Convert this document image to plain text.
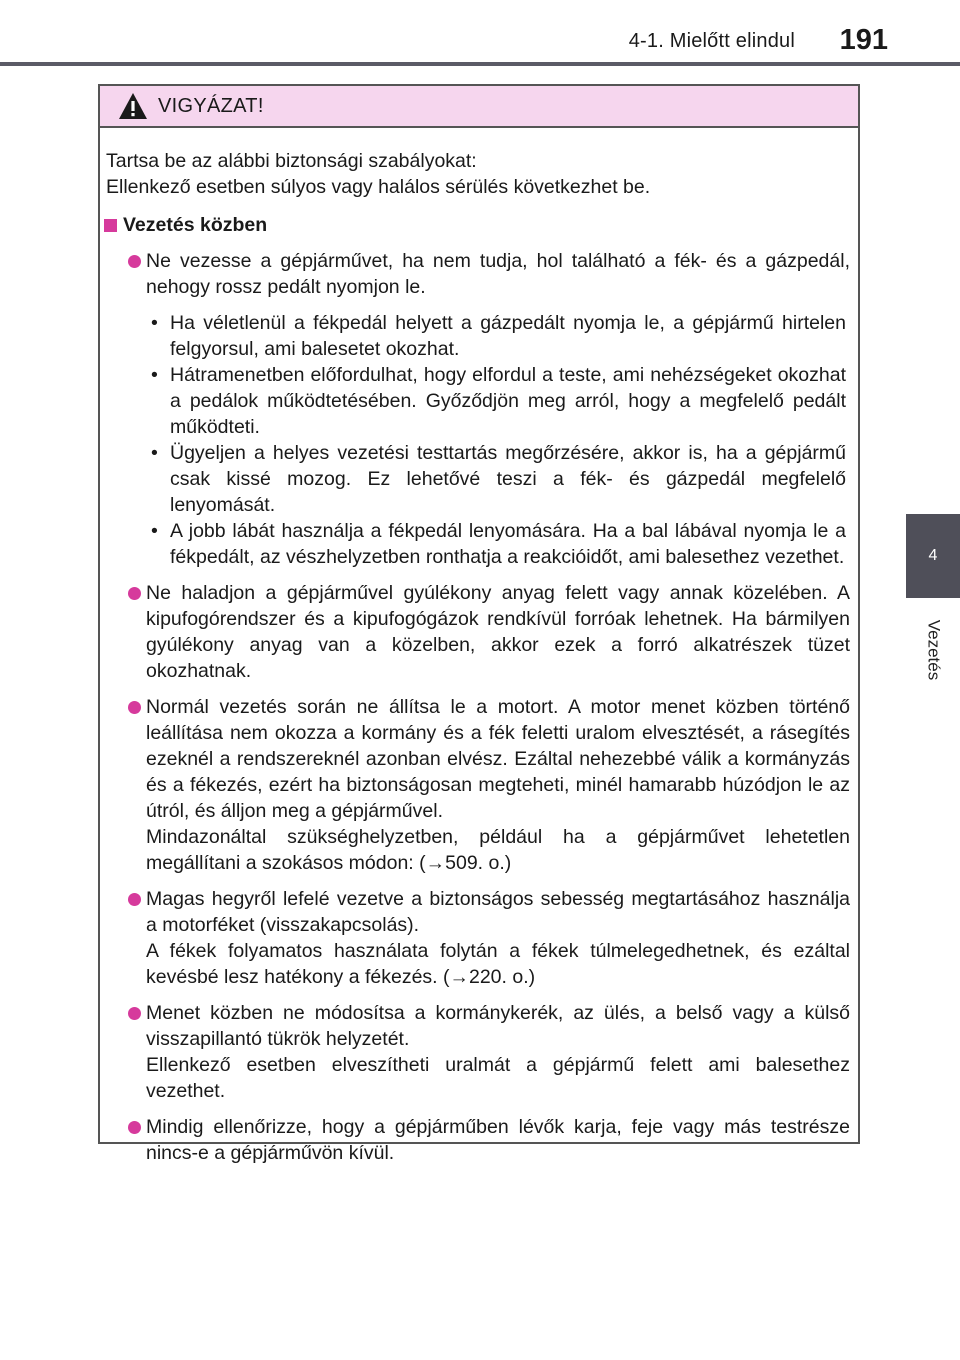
4-1. Mielőtt elindul 191
4
Vezetés
VIGYÁZAT!

Tartsa be az alábbi biztonsági szabályokat:

Ellenkező esetben súlyos vagy halálos sérülés következhet be.

Vezetés közben

Ne vezesse a gépjárművet, ha nem tudja, hol található a fék- és a gázpedál, nehogy rossz pedált nyomjon le.

• Ha véletlenül a fékpedál helyett a gázpedált nyomja le, a gépjármű hirtelen felgyorsul, ami balesetet okozhat.
• Hátramenetben előfordulhat, hogy elfordul a teste, ami nehézségeket okozhat a pedálok működtetésében. Győződjön meg arról, hogy a megfelelő pedált működteti.
• Ügyeljen a helyes vezetési testtartás megőrzésére, akkor is, ha a gépjármű csak kissé mozog. Ez lehetővé teszi a fék- és gázpedál megfelelő lenyomását.
• A jobb lábát használja a fékpedál lenyomására. Ha a bal lábával nyomja le a fékpedált, az vészhelyzetben ronthatja a reakcióidőt, ami balesethez vezethet.

Ne haladjon a gépjárművel gyúlékony anyag felett vagy annak közelében. A kipufogórendszer és a kipufogógázok rendkívül forróak lehetnek. Ha bármilyen gyúlékony anyag van a közelben, akkor ezek a forró alkatrészek tüzet okozhatnak.

Normál vezetés során ne állítsa le a motort. A motor menet közben történő leállítása nem okozza a kormány és a fék feletti uralom elvesztését, a rásegítés ezeknél a rendszereknél azonban elvész. Ezáltal nehezebbé válik a kormányzás és a fékezés, ezért ha biztonságosan megteheti, minél hamarabb húzódjon le az útról, és álljon meg a gépjárművel.

Mindazonáltal szükséghelyzetben, például ha a gépjárművet lehetetlen megállítani a szokásos módon: (→509. o.)

Magas hegyről lefelé vezetve a biztonságos sebesség megtartásához használja a motorféket (visszakapcsolás).

A fékek folyamatos használata folytán a fékek túlmelegedhetnek, és ezáltal kevésbé lesz hatékony a fékezés. (→220. o.)

Menet közben ne módosítsa a kormánykerék, az ülés, a belső vagy a külső visszapillantó tükrök helyzetét.

Ellenkező esetben elveszítheti uralmát a gépjármű felett ami balesethez vezethet.

Mindig ellenőrizze, hogy a gépjárműben lévők karja, feje vagy más testrésze nincs-e a gépjárművön kívül.
